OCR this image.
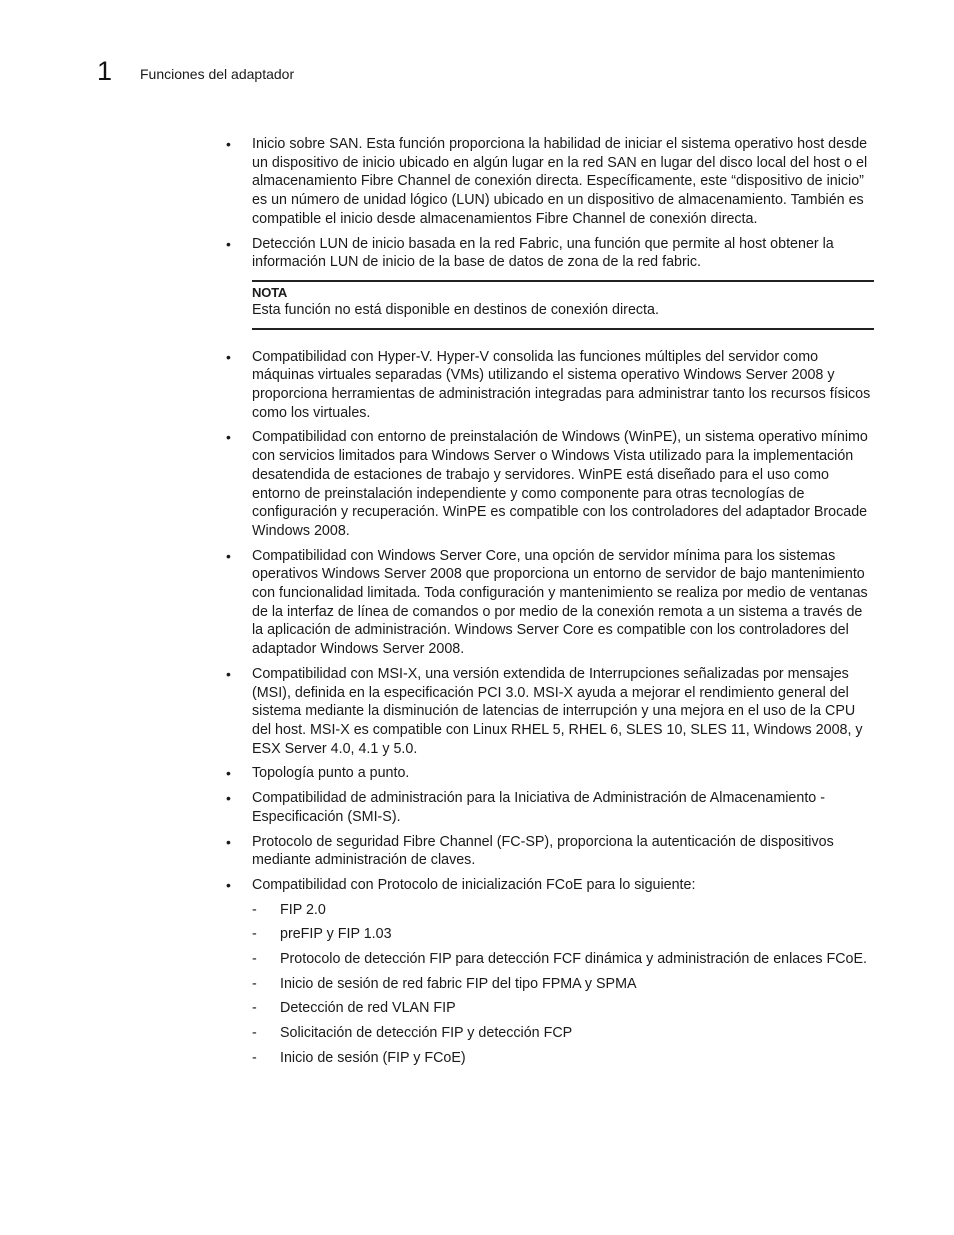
1 Funciones del adaptador
• Inicio sobre SAN. Esta función proporciona la habilidad de iniciar el sistema operativo host desde un dispositivo de inicio ubicado en algún lugar en la red SAN en lugar del disco local del host o el almacenamiento Fibre Channel de conexión directa. Específicamente, este “dispositivo de inicio” es un número de unidad lógico (LUN) ubicado en un dispositivo de almacenamiento. También es compatible el inicio desde almacenamientos Fibre Channel de conexión directa.
• Detección LUN de inicio basada en la red Fabric, una función que permite al host obtener la información LUN de inicio de la base de datos de zona de la red fabric.
NOTA
Esta función no está disponible en destinos de conexión directa.
• Compatibilidad con Hyper-V. Hyper-V consolida las funciones múltiples del servidor como máquinas virtuales separadas (VMs) utilizando el sistema operativo Windows Server 2008 y proporciona herramientas de administración integradas para administrar tanto los recursos físicos como los virtuales.
• Compatibilidad con entorno de preinstalación de Windows (WinPE), un sistema operativo mínimo con servicios limitados para Windows Server o Windows Vista utilizado para la implementación desatendida de estaciones de trabajo y servidores. WinPE está diseñado para el uso como entorno de preinstalación independiente y como componente para otras tecnologías de configuración y recuperación. WinPE es compatible con los controladores del adaptador Brocade Windows 2008.
• Compatibilidad con Windows Server Core, una opción de servidor mínima para los sistemas operativos Windows Server 2008 que proporciona un entorno de servidor de bajo mantenimiento con funcionalidad limitada. Toda configuración y mantenimiento se realiza por medio de ventanas de la interfaz de línea de comandos o por medio de la conexión remota a un sistema a través de la aplicación de administración. Windows Server Core es compatible con los controladores del adaptador Windows Server 2008.
• Compatibilidad con MSI-X, una versión extendida de Interrupciones señalizadas por mensajes (MSI), definida en la especificación PCI 3.0. MSI-X ayuda a mejorar el rendimiento general del sistema mediante la disminución de latencias de interrupción y una mejora en el uso de la CPU del host. MSI-X es compatible con Linux RHEL 5, RHEL 6, SLES 10, SLES 11, Windows 2008, y ESX Server 4.0, 4.1 y 5.0.
• Topología punto a punto.
• Compatibilidad de administración para la Iniciativa de Administración de Almacenamiento - Especificación (SMI-S).
• Protocolo de seguridad Fibre Channel (FC-SP), proporciona la autenticación de dispositivos mediante administración de claves.
• Compatibilidad con Protocolo de inicialización FCoE para lo siguiente:
- FIP 2.0
- preFIP y FIP 1.03
- Protocolo de detección FIP para detección FCF dinámica y administración de enlaces FCoE.
- Inicio de sesión de red fabric FIP del tipo FPMA y SPMA
- Detección de red VLAN FIP
- Solicitación de detección FIP y detección FCP
- Inicio de sesión (FIP y FCoE)
